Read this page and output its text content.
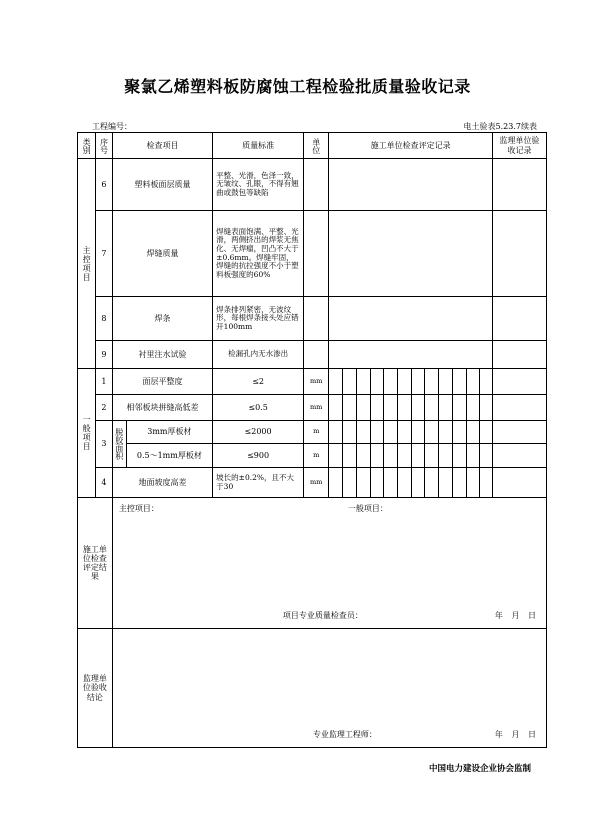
聚氯乙烯塑料板防腐蚀工程检验批质量验收记录
工程编号：	电土验表5.23.7续表
类别	序号	检查项目		质量标准	单位	施工单位检查评定记录												监理单位验收记录

主控项目	6	塑料板面层质量		平整、光滑，色泽一致，无皱纹、孔眼，不得有翘曲或鼓包等缺陷														
	7	焊缝质量		焊缝表面饱满、平整、光滑，两侧挤出的焊浆无焦化、无焊瘤，凹凸不大于±0.6mm。焊缝牢固，焊缝的抗拉强度不小于塑料板强度的60%														
	8	焊条		焊条排列紧密，无波纹形，每根焊条接头处应错开100mm														
	9	衬里注水试验		检漏孔内无水渗出														

一般项目	1	面层平整度		≤2	mm													
	2	相邻板块拼缝高低差		≤0.5	mm													
	3	脱胶面积	3mm厚板材	≤2000	m													
			0.5～1mm厚板材	≤900	m													
	4	地面坡度高差		坡长的±0.2%，且不大于30	mm													
施工单位检查评定结果		主控项目： 一般项目：
项目专业质量检查员： 年 月 日																

监理单位验收结论		专业监理工程师： 年 月 日																
中国电力建设企业协会监制
